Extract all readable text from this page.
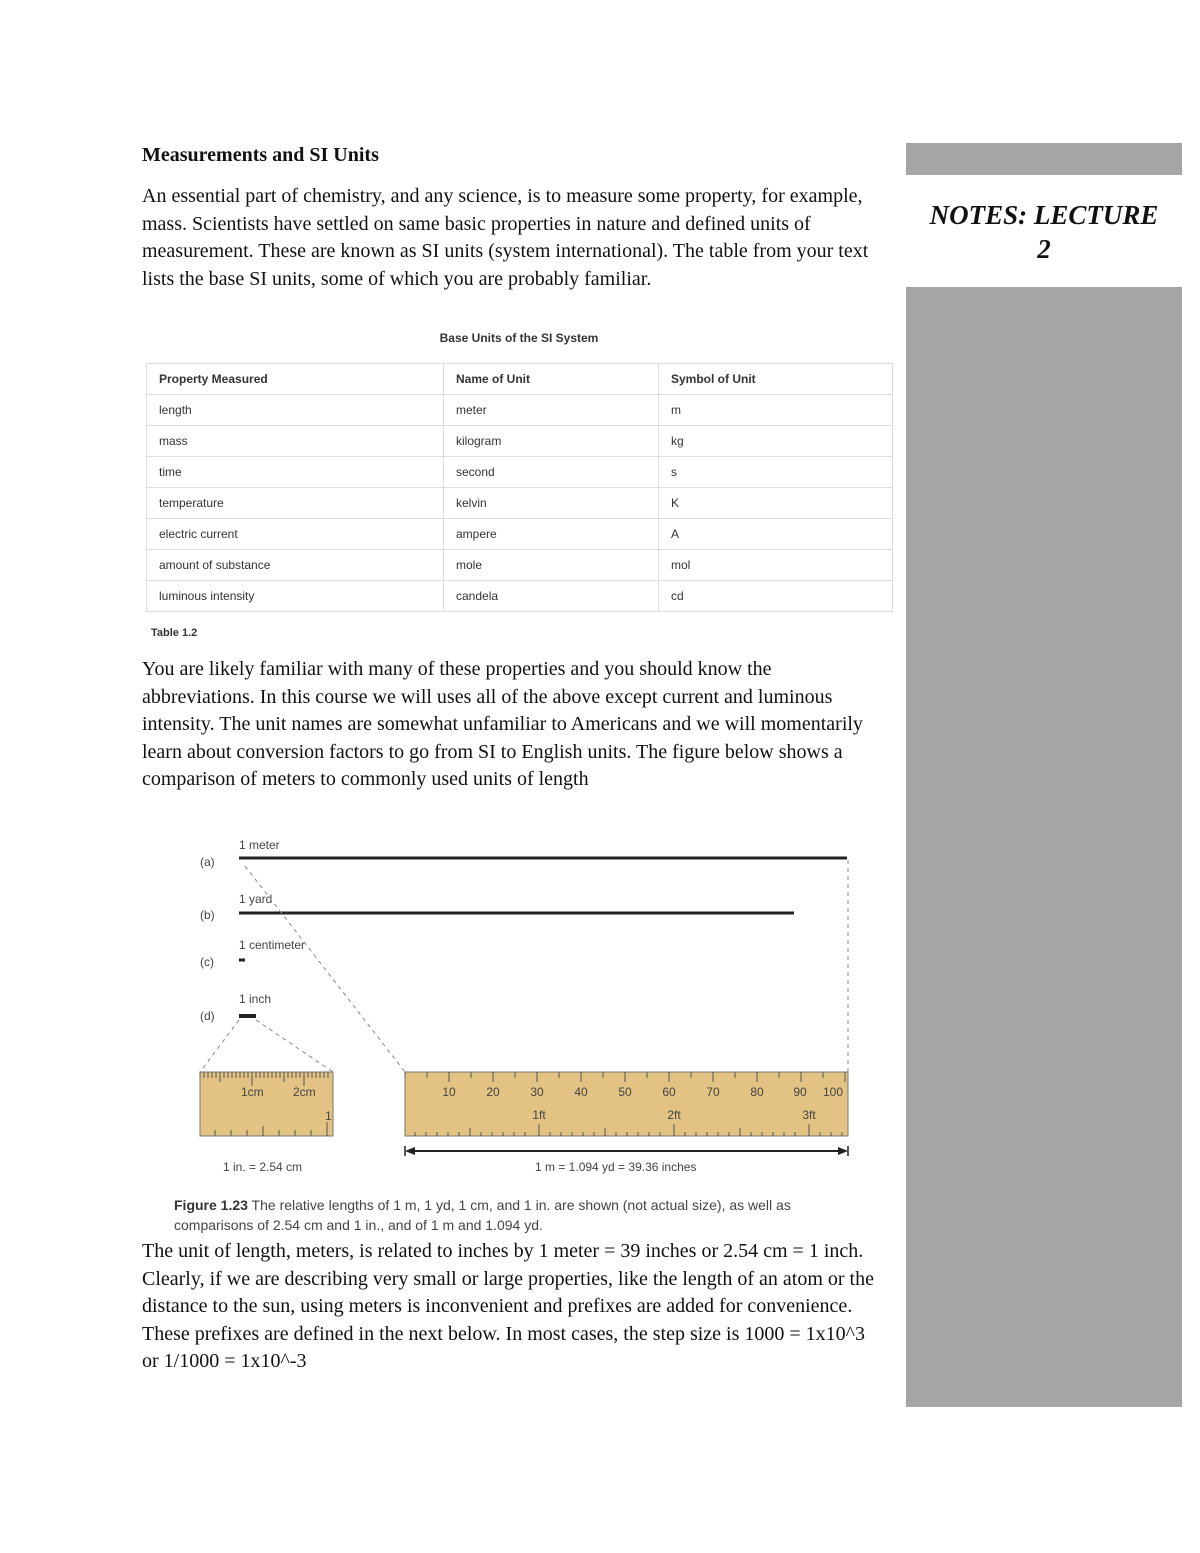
Measurements and SI Units

An essential part of chemistry, and any science, is to measure some property, for example, mass. Scientists have settled on same basic properties in nature and defined units of measurement. These are known as SI units (system international). The table from your text lists the base SI units, some of which you are probably familiar.

NOTES: LECTURE
2
Base Units of the SI System
Property Measured	Name of Unit	Symbol of Unit
length	meter	m
mass	kilogram	kg
time	second	s
temperature	kelvin	K
electric current	ampere	A
amount of substance	mole	mol
luminous intensity	candela	cd
Table 1.2

You are likely familiar with many of these properties and you should know the abbreviations. In this course we will uses all of the above except current and luminous intensity. The unit names are somewhat unfamiliar to Americans and we will momentarily learn about conversion factors to go from SI to English units. The figure below shows a comparison of meters to commonly used units of length

(a)
(b)
(c)
(d)
1 meter
1 yard
1 centimeter
1 inch
1cm 2cm
1
10	20	30	40	50	60	70	80 90 100
1ft	2ft	3ft
1 in. = 2.54 cm	1 m = 1.094 yd = 39.36 inches

Figure 1.23 The relative lengths of 1 m, 1 yd, 1 cm, and 1 in. are shown (not actual size), as well as comparisons of 2.54 cm and 1 in., and of 1 m and 1.094 yd.

The unit of length, meters, is related to inches by 1 meter = 39 inches or 2.54 cm = 1 inch. Clearly, if we are describing very small or large properties, like the length of an atom or the distance to the sun, using meters is inconvenient and prefixes are added for convenience. These prefixes are defined in the next below. In most cases, the step size is 1000 = 1x10^3 or 1/1000 = 1x10^-3
